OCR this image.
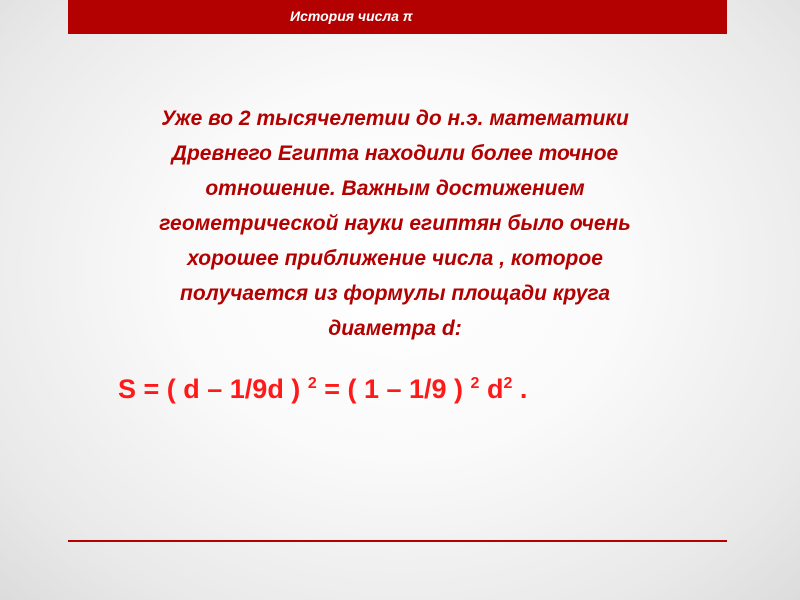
История числа π
Уже во 2 тысячелетии до н.э. математики
Древнего Египта находили более точное
отношение. Важным достижением
геометрической науки египтян было очень
хорошее приближение числа , которое
получается из формулы площади круга
диаметра d:
S = ( d – 1/9d ) $^2$ = ( 1 – 1/9 ) $^2$ $d^2$ .
